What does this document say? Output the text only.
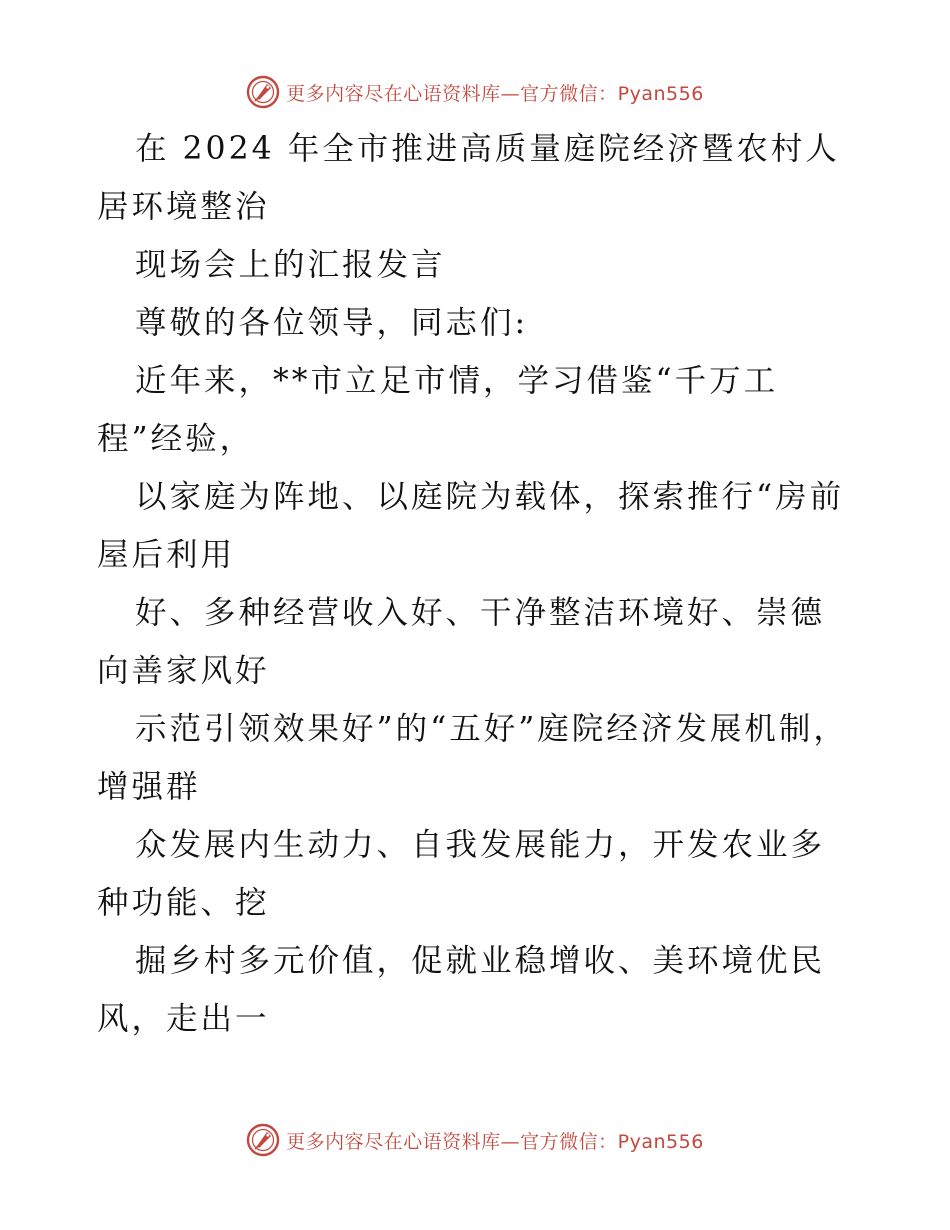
更多内容尽在心语资料库—官方微信：Pyan556

在 2024 年全市推进高质量庭院经济暨农村人居环境整治

现场会上的汇报发言

尊敬的各位领导，同志们:

近年来，**市立足市情，学习借鉴“千万工程”经验，

以家庭为阵地、以庭院为载体，探索推行“房前屋后利用

好、多种经营收入好、干净整洁环境好、崇德向善家风好

示范引领效果好”的“五好”庭院经济发展机制，增强群

众发展内生动力、自我发展能力，开发农业多种功能、挖

掘乡村多元价值，促就业稳增收、美环境优民风，走出一

更多内容尽在心语资料库—官方微信：Pyan556
